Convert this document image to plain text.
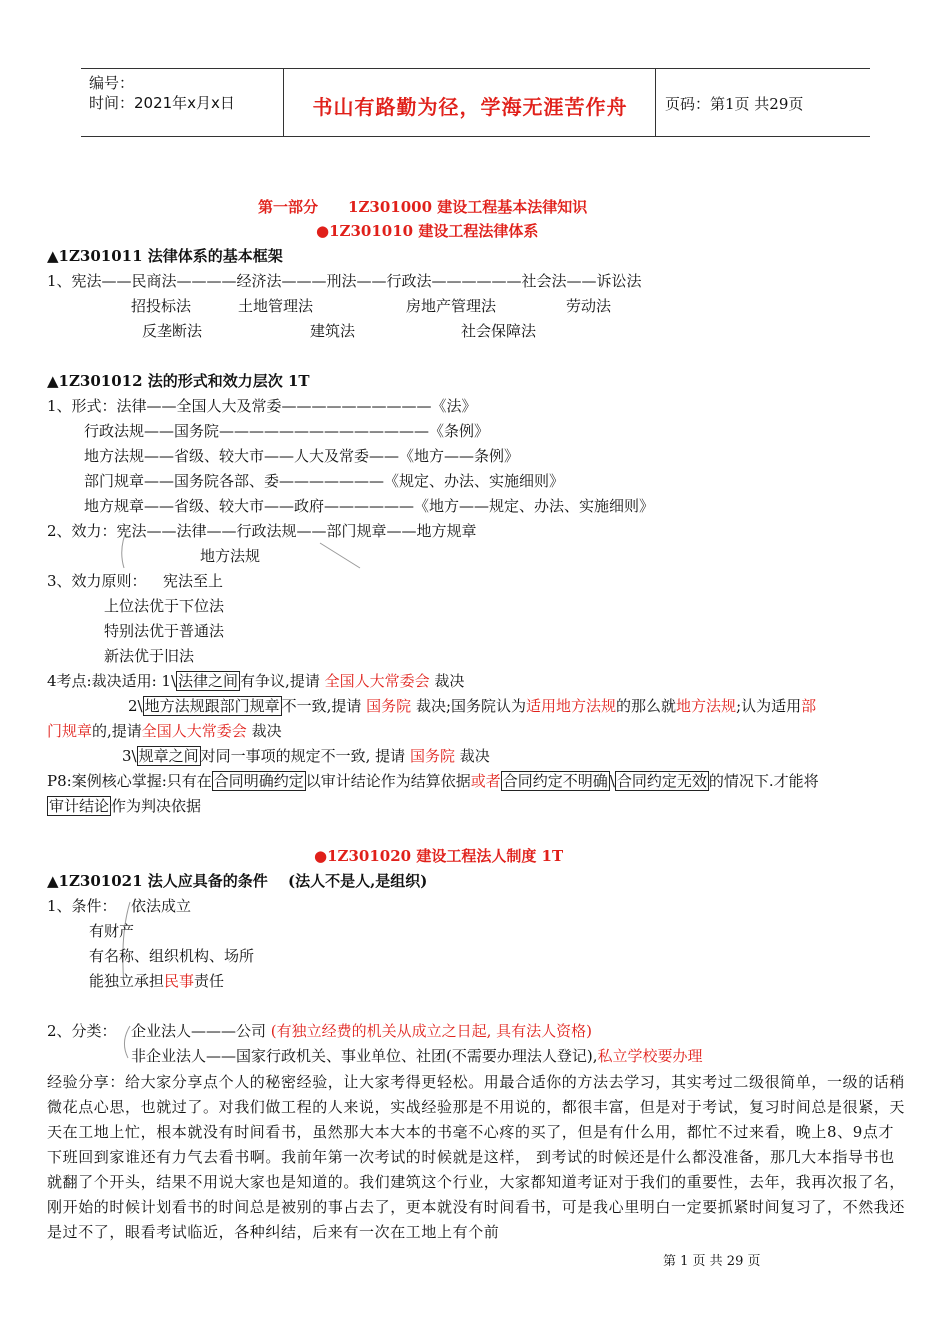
编号：
时间：2021年x月x日	书山有路勤为径，学海无涯苦作舟	页码：第1页 共29页
第一部分　　1Z301000 建设工程基本法律知识
●1Z301010 建设工程法律体系
▲1Z301011 法律体系的基本框架
1、宪法——民商法————经济法———刑法——行政法——————社会法——诉讼法
招投标法	土地管理法	房地产管理法	劳动法
反垄断法	建筑法	社会保障法
▲1Z301012 法的形式和效力层次 1T
1、形式：法律——全国人大及常委——————————《法》
行政法规——国务院——————————————《条例》
地方法规——省级、较大市——人大及常委——《地方——条例》
部门规章——国务院各部、委———————《规定、办法、实施细则》
地方规章——省级、较大市——政府——————《地方——规定、办法、实施细则》
2、效力：宪法——法律——行政法规——部门规章——地方规章
地方法规
3、效力原则： 宪法至上
上位法优于下位法
特别法优于普通法
新法优于旧法
4考点:裁决适用: 1\ 法律之间 有争议,提请 全国人大常委会 裁决
2\ 地方法规跟部门规章 不一致,提请 国务院 裁决;国务院认为适用地方法规的那么就地方法规;认为适用部
门规章的,提请全国人大常委会 裁决
3\ 规章之间 对同一事项的规定不一致, 提请 国务院 裁决
P8:案例核心掌握:只有在 合同明确约定 以审计结论作为结算依据或者 合同约定不明确 \ 合同约定无效 的情况下.才能将
审计结论 作为判决依据
●1Z301020 建设工程法人制度 1T
▲1Z301021 法人应具备的条件　 (法人不是人,是组织)
1、条件： 依法成立
有财产
有名称、组织机构、场所
能独立承担民事责任
2、分类： 企业法人———公司 (有独立经费的机关从成立之日起, 具有法人资格)
非企业法人——国家行政机关、事业单位、社团(不需要办理法人登记),私立学校要办理
经验分享：给大家分享点个人的秘密经验，让大家考得更轻松。用最合适你的方法去学习，其实考过二级很简单，一级的话稍微花点心思，也就过了。对我们做工程的人来说，实战经验那是不用说的，都很丰富，但是对于考试，复习时间总是很紧，天天在工地上忙，根本就没有时间看书，虽然那大本大本的书毫不心疼的买了，但是有什么用，都忙不过来看，晚上8、9点才下班回到家谁还有力气去看书啊。我前年第一次考试的时候就是这样， 到考试的时候还是什么都没准备，那几大本指导书也就翻了个开头，结果不用说大家也是知道的。我们建筑这个行业，大家都知道考证对于我们的重要性，去年，我再次报了名，刚开始的时候计划看书的时间总是被别的事占去了，更本就没有时间看书，可是我心里明白一定要抓紧时间复习了，不然我还是过不了，眼看考试临近，各种纠结，后来有一次在工地上有个前
第 1 页 共 29 页
